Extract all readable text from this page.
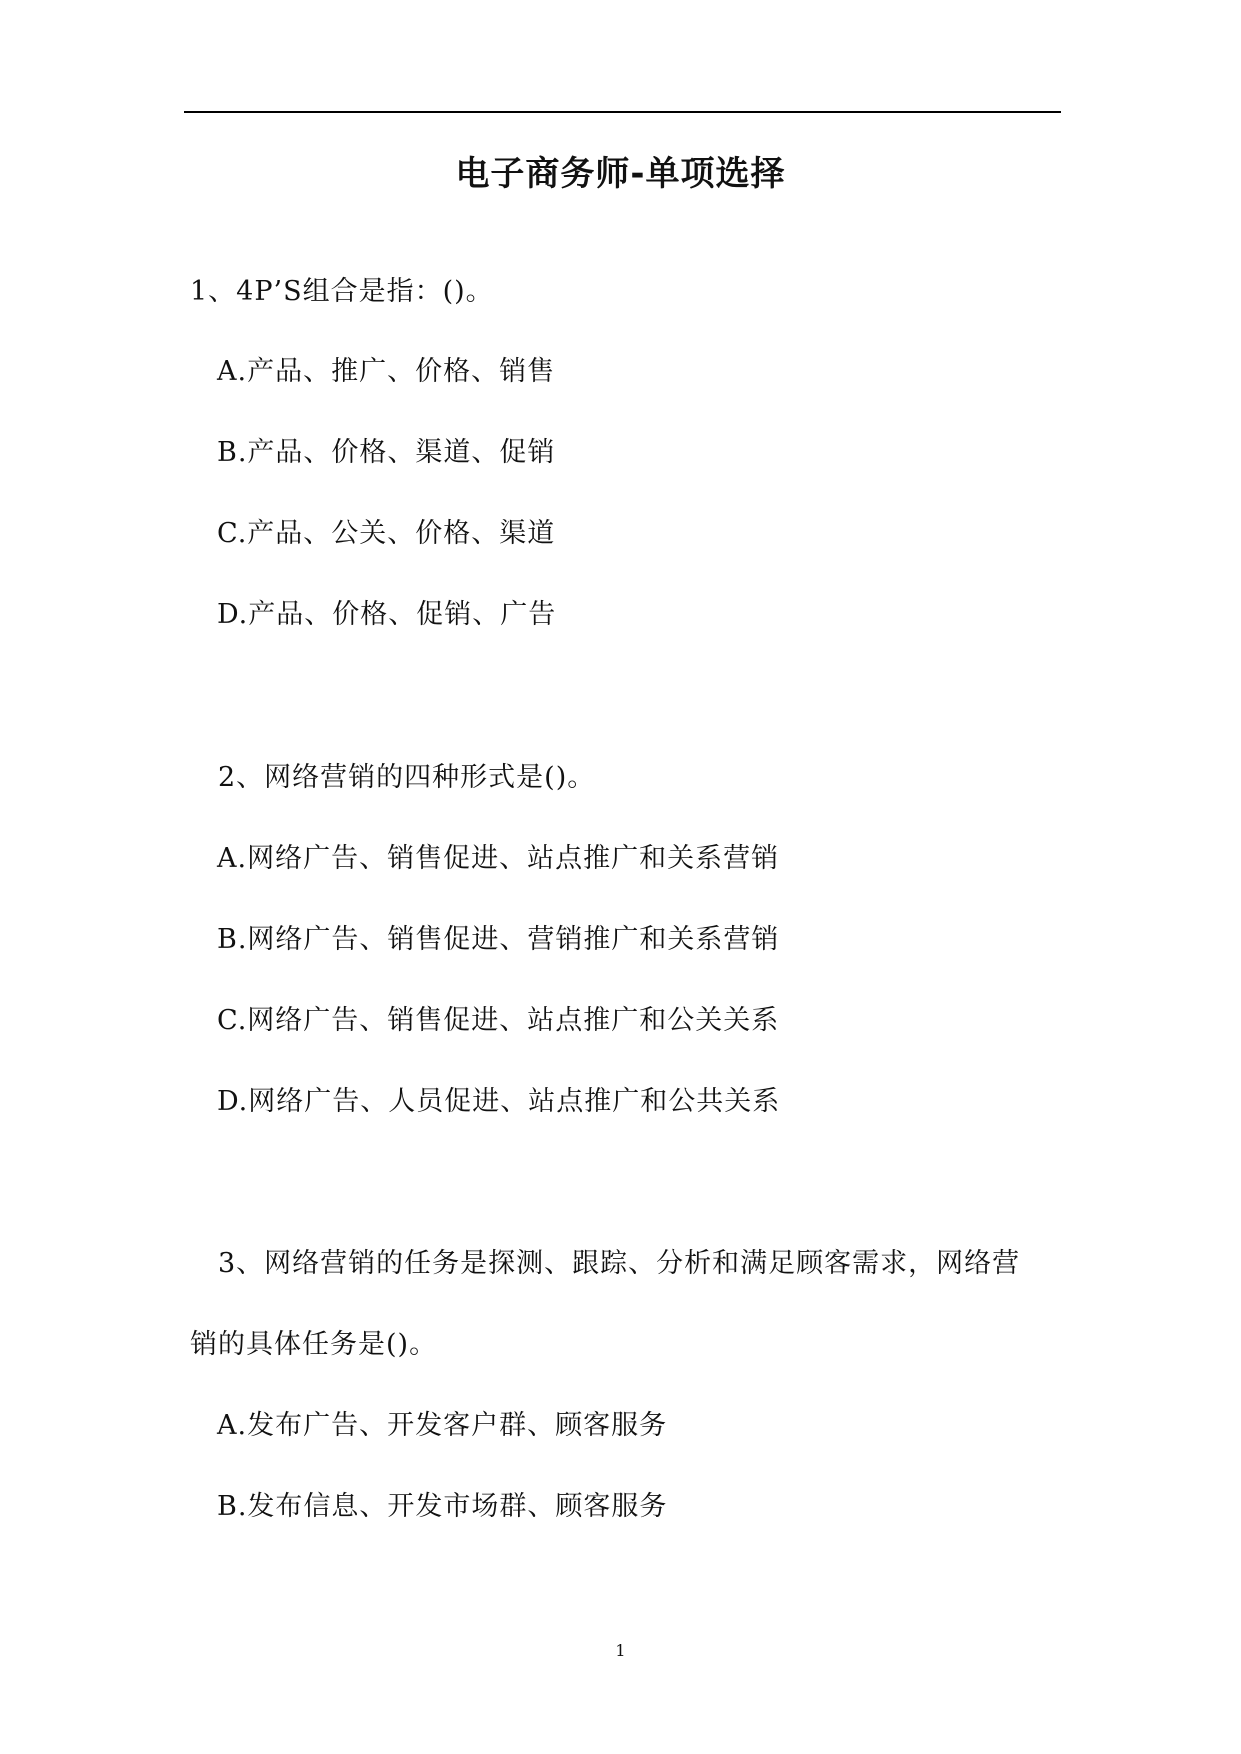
电子商务师-单项选择
1、4P’S组合是指：()。
A.产品、推广、价格、销售
B.产品、价格、渠道、促销
C.产品、公关、价格、渠道
D.产品、价格、促销、广告
2、网络营销的四种形式是()。
A.网络广告、销售促进、站点推广和关系营销
B.网络广告、销售促进、营销推广和关系营销
C.网络广告、销售促进、站点推广和公关关系
D.网络广告、人员促进、站点推广和公共关系
3、网络营销的任务是探测、跟踪、分析和满足顾客需求，网络营
销的具体任务是()。
A.发布广告、开发客户群、顾客服务
B.发布信息、开发市场群、顾客服务
1
